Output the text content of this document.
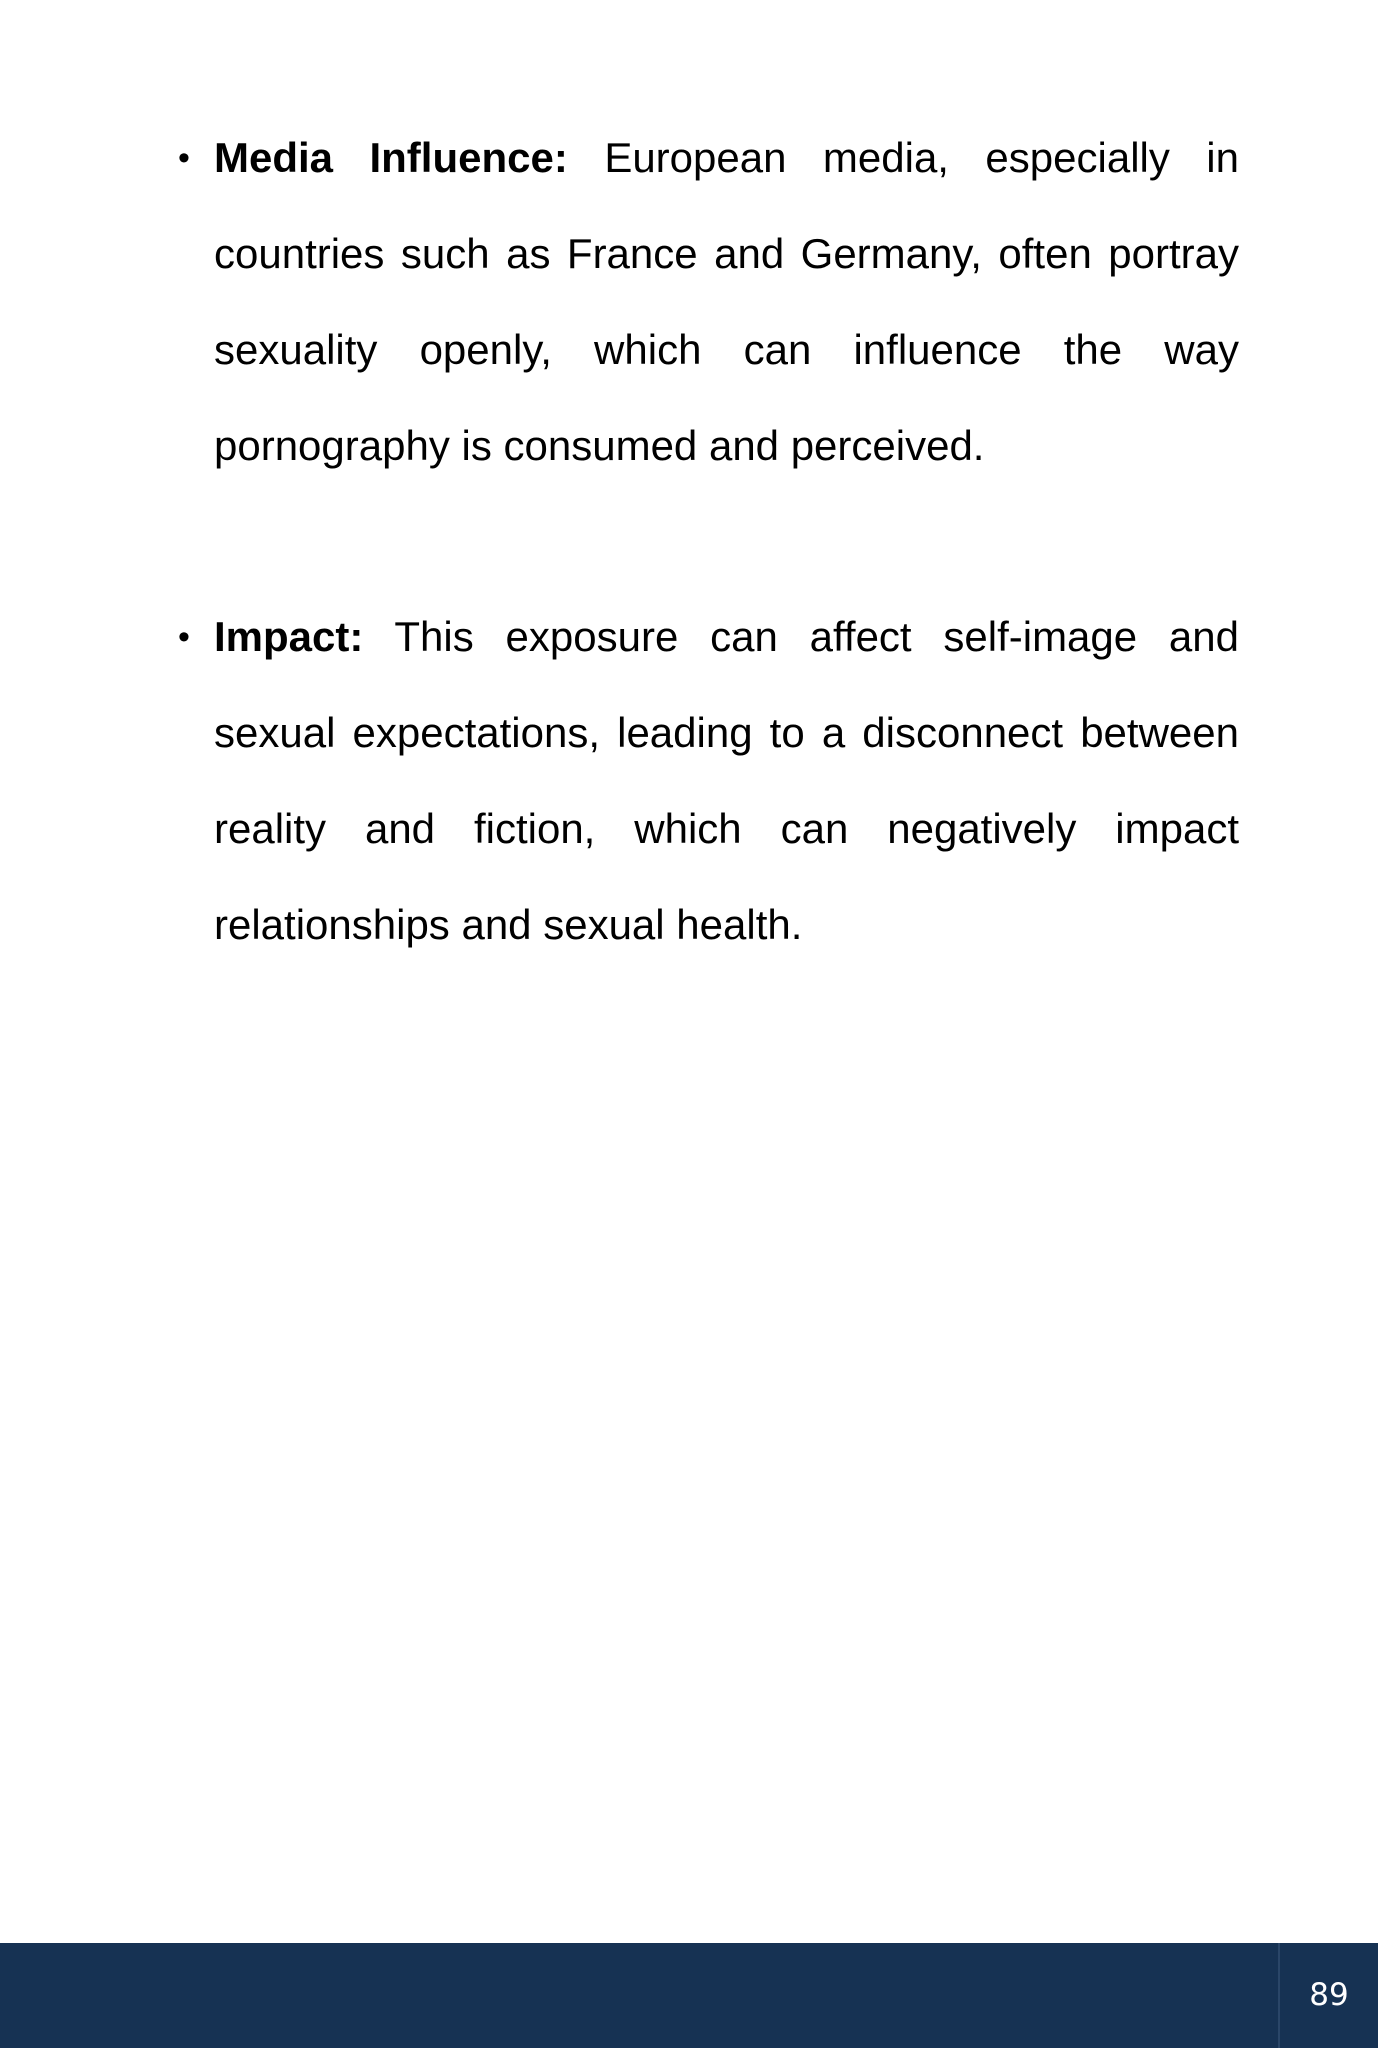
• Media Influence: European media, especially in countries such as France and Germany, often portray sexuality openly, which can influence the way pornography is consumed and perceived.
• Impact: This exposure can affect self-image and sexual expectations, leading to a disconnect between reality and fiction, which can negatively impact relationships and sexual health.
89
